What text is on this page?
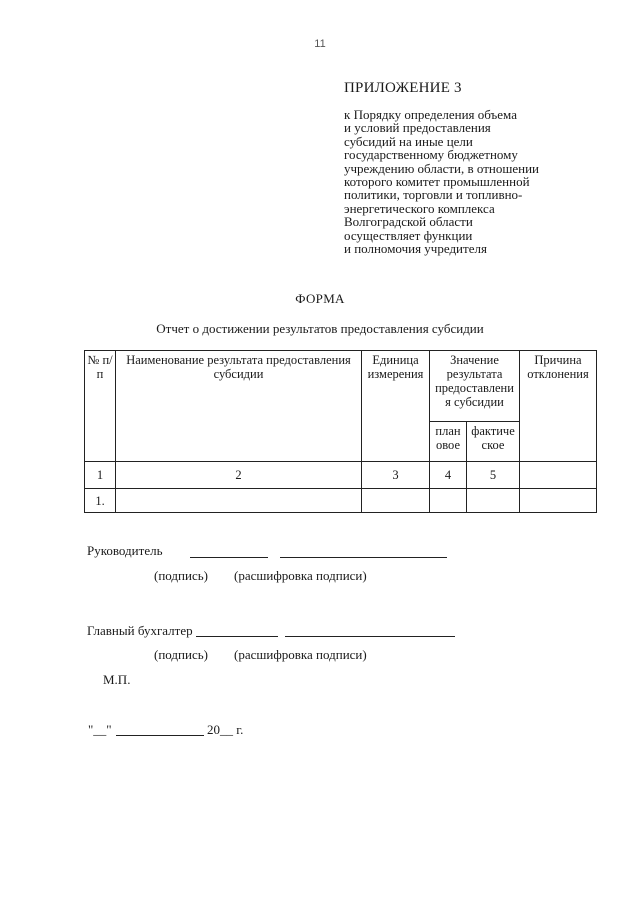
11
ПРИЛОЖЕНИЕ 3
к Порядку определения объема
и условий предоставления
субсидий на иные цели
государственному бюджетному
учреждению области, в отношении
которого комитет промышленной
политики, торговли и топливно-
энергетического комплекса
Волгоградской области
осуществляет функции
и полномочия учредителя
ФОРМА
Отчет о достижении результатов предоставления субсидии
№ п/п	Наименование результата предоставления субсидии	Единица измерения	Значение результата предоставлени я субсидии		Причина отклонения
			план овое	фактиче ское	
1	2	3	4	5	
1.					
Руководитель
(подпись) (расшифровка подписи)
Главный бухгалтер
(подпись) (расшифровка подписи)
М.П.
"__"	20__ г.
